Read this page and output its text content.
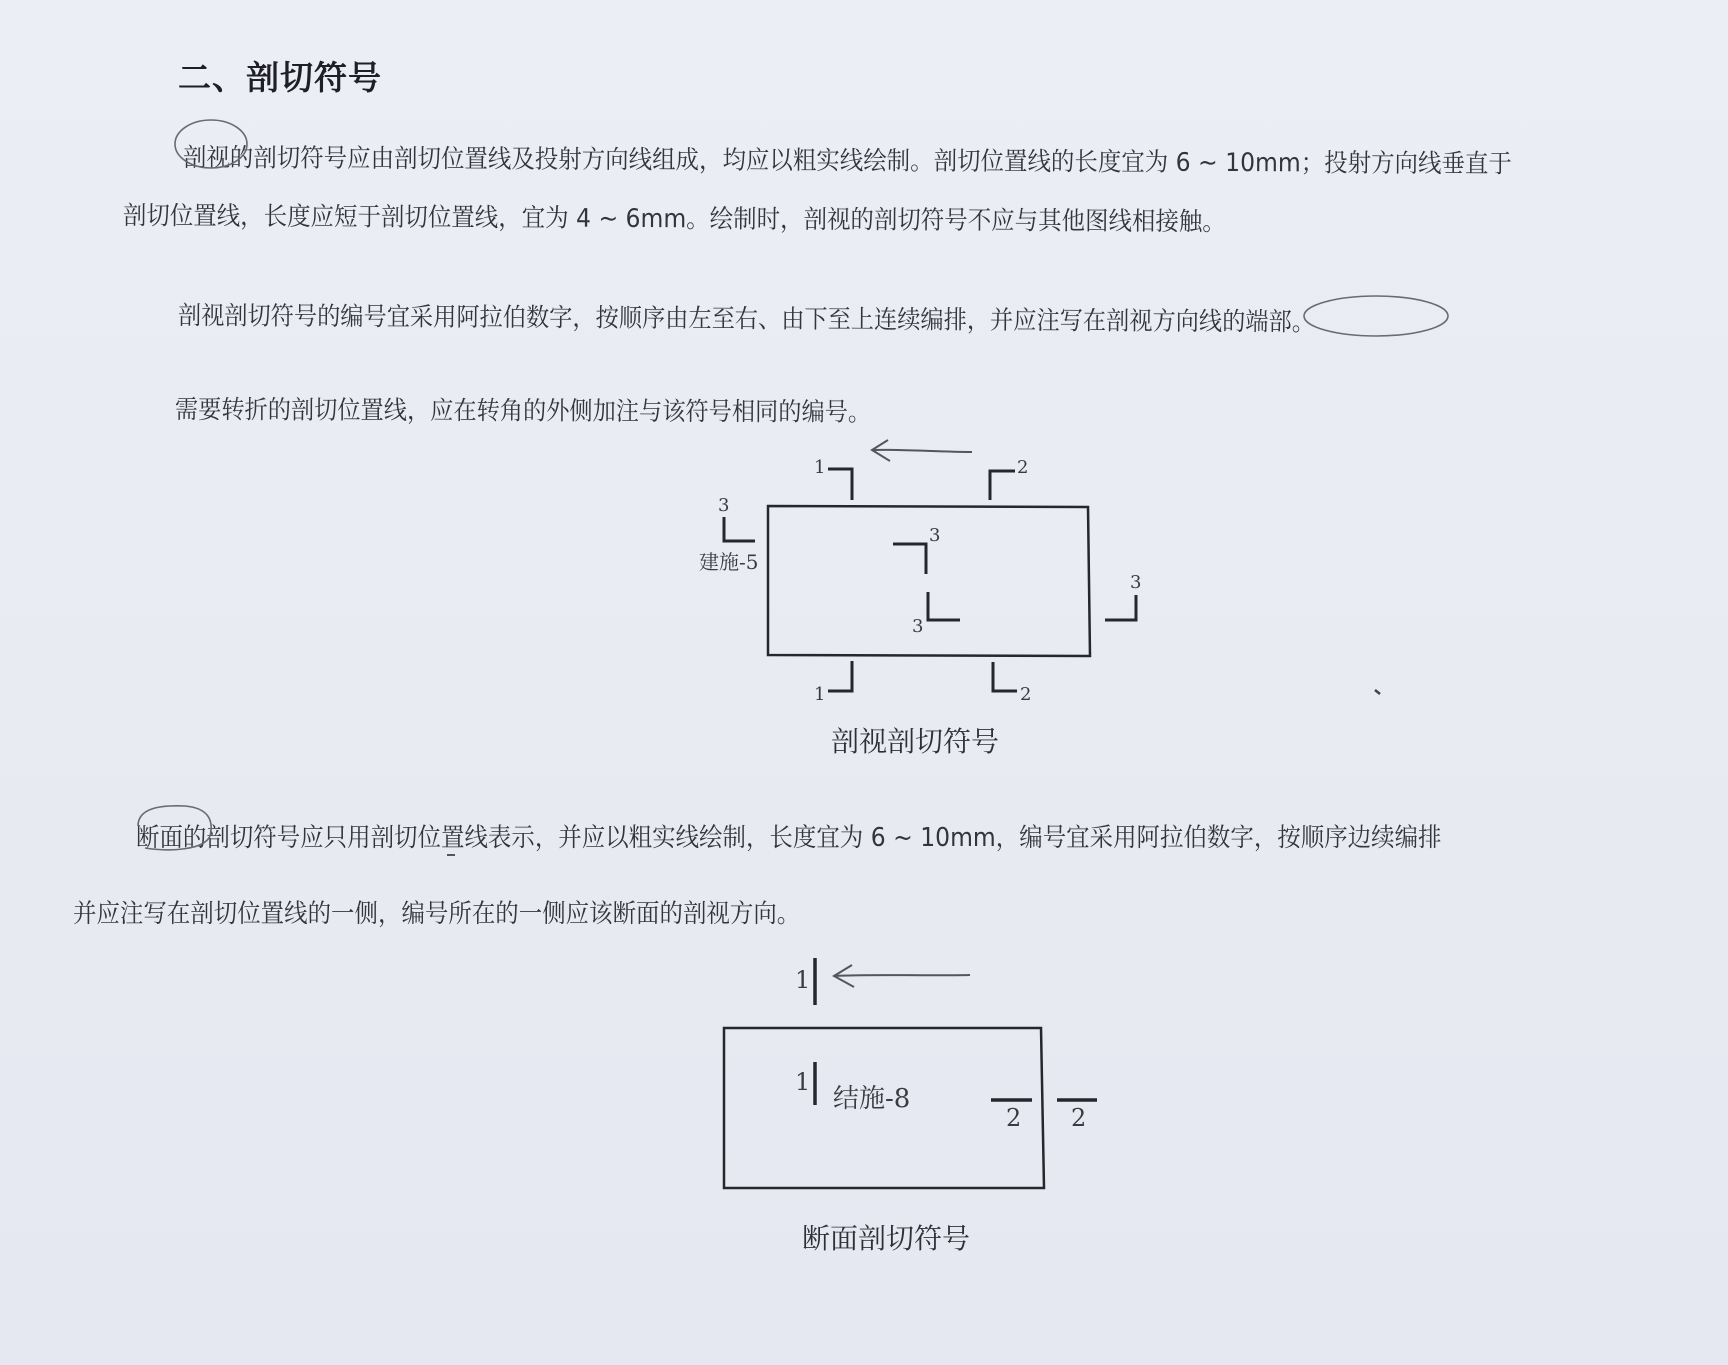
二、剖切符号
剖视的剖切符号应由剖切位置线及投射方向线组成，均应以粗实线绘制。剖切位置线的长度宜为 6 ~ 10mm；投射方向线垂直于
剖切位置线，长度应短于剖切位置线，宜为 4 ~ 6mm。绘制时，剖视的剖切符号不应与其他图线相接触。
剖视剖切符号的编号宜采用阿拉伯数字，按顺序由左至右、由下至上连续编排，并应注写在剖视方向线的端部。
需要转折的剖切位置线，应在转角的外侧加注与该符号相同的编号。
断面的剖切符号应只用剖切位置线表示，并应以粗实线绘制，长度宜为 6 ~ 10mm，编号宜采用阿拉伯数字，按顺序边续编排
并应注写在剖切位置线的一侧，编号所在的一侧应该断面的剖视方向。
1	2
3
建施-5
3
3
3
1	2
剖视剖切符号
1
1
结施-8
2 2
断面剖切符号
